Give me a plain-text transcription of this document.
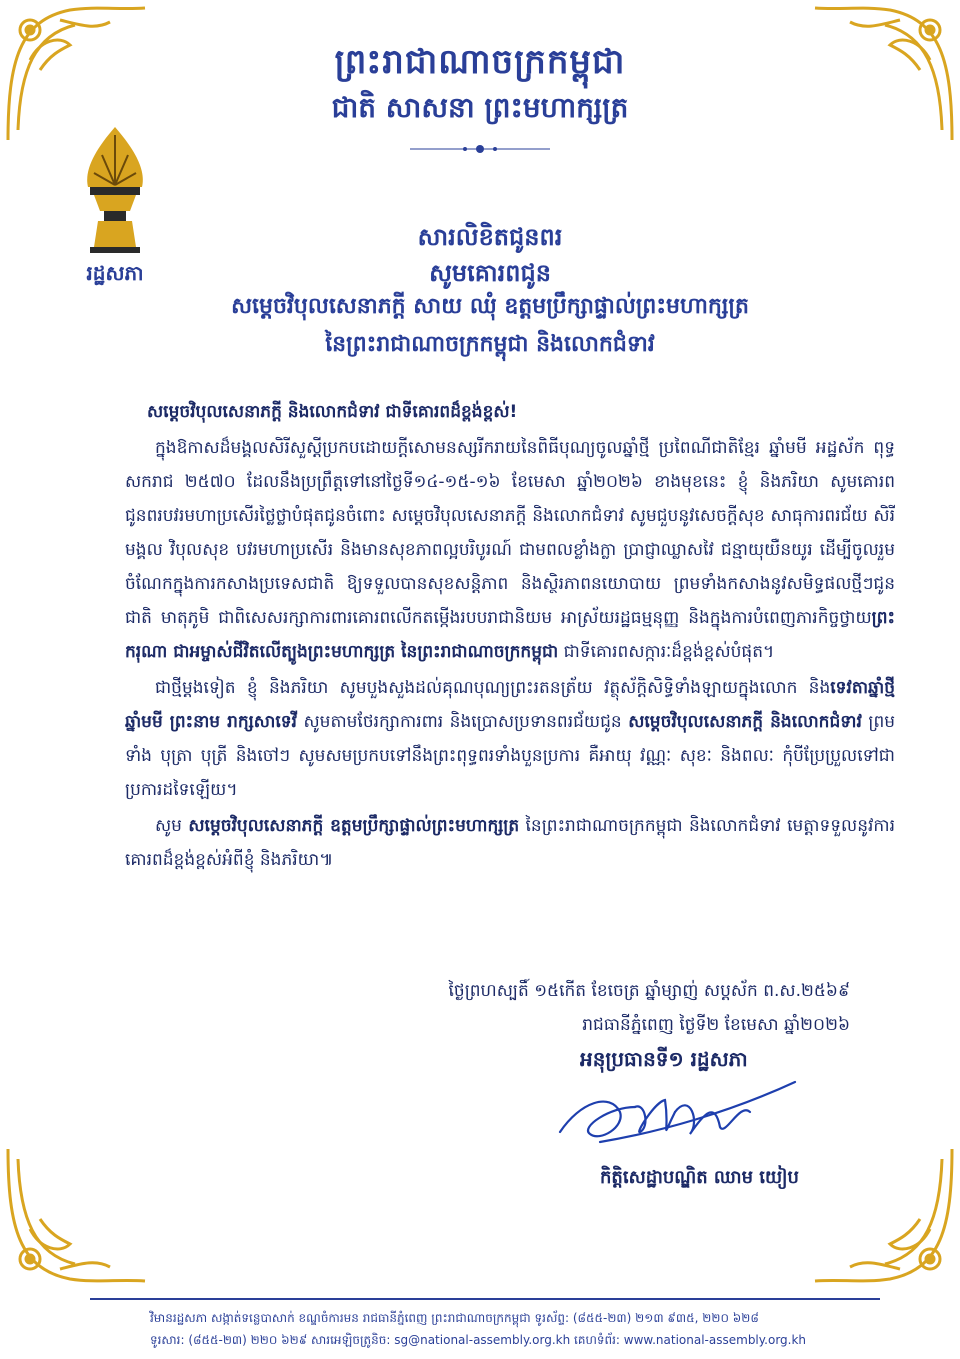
ព្រះរាជាណាចក្រកម្ពុជា
ជាតិ សាសនា ព្រះមហាក្សត្រ
រដ្ឋសភា
សារលិខិតជូនពរ
សូមគោរពជូន
សម្តេចវិបុលសេនាភក្តី សាយ ឈុំ ឧត្តមប្រឹក្សាផ្ទាល់ព្រះមហាក្សត្រ
នៃព្រះរាជាណាចក្រកម្ពុជា និងលោកជំទាវ

សម្តេចវិបុលសេនាភក្តី និងលោកជំទាវ ជាទីគោរពដ៏ខ្ពង់ខ្ពស់!

ក្នុងឱកាសដ៏មង្គលសិរីសួស្តីប្រកបដោយក្តីសោមនស្សរីករាយនៃពិធីបុណ្យចូលឆ្នាំថ្មី ប្រពៃណីជាតិខ្មែរ ឆ្នាំមមី អដ្ឋស័ក ពុទ្ធសករាជ ២៥៧០ ដែលនឹងប្រព្រឹត្តទៅនៅថ្ងៃទី១៤-១៥-១៦ ខែមេសា ឆ្នាំ២០២៦ ខាងមុខនេះ ខ្ញុំ និងភរិយា សូមគោរពជូនពរបវរមហាប្រសើរថ្លៃថ្លាបំផុតជូនចំពោះ សម្តេចវិបុលសេនាភក្តី និងលោកជំទាវ សូមជួបនូវសេចក្តីសុខ សាធុការពរជ័យ សិរីមង្គល វិបុលសុខ បវរមហាប្រសើរ និងមានសុខភាពល្អបរិបូរណ៍ ជាមពលខ្លាំងក្លា ប្រាជ្ញាឈ្លាសវៃ ជន្មាយុយឺនយូរ ដើម្បីចូលរួមចំណែកក្នុងការកសាងប្រទេសជាតិ ឱ្យទទួលបានសុខសន្តិភាព និងស្ថិរភាពនយោបាយ ព្រមទាំងកសាងនូវសមិទ្ធផលថ្មីៗជូនជាតិ មាតុភូមិ ជាពិសេសរក្សាការពារគោរពលើកតម្កើងរបបរាជានិយម អាស្រ័យរដ្ឋធម្មនុញ្ញ និងក្នុងការបំពេញភារកិច្ចថ្វាយព្រះករុណា ជាអម្ចាស់ជីវិតលើត្បូងព្រះមហាក្សត្រ នៃព្រះរាជាណាចក្រកម្ពុជា ជាទីគោរពសក្ការៈដ៏ខ្ពង់ខ្ពស់បំផុត។

ជាថ្មីម្តងទៀត ខ្ញុំ និងភរិយា សូមបួងសួងដល់គុណបុណ្យព្រះរតនត្រ័យ វត្ថុស័ក្តិសិទ្ធិទាំងឡាយក្នុងលោក និងទេវតាឆ្នាំថ្មី ឆ្នាំមមី ព្រះនាម រាក្សសាទេវី សូមតាមថែរក្សាការពារ និងប្រោសប្រទានពរជ័យជូន សម្តេចវិបុលសេនាភក្តី និងលោកជំទាវ ព្រមទាំង បុត្រា បុត្រី និងចៅៗ សូមសមប្រកបទៅនឹងព្រះពុទ្ធពរទាំងបួនប្រការ គឺអាយុ វណ្ណៈ សុខៈ និងពលៈ កុំបីប្រែប្រួលទៅជាប្រការដទៃឡើយ។

សូម សម្តេចវិបុលសេនាភក្តី ឧត្តមប្រឹក្សាផ្ទាល់ព្រះមហាក្សត្រ នៃព្រះរាជាណាចក្រកម្ពុជា និងលោកជំទាវ មេត្តាទទួលនូវការគោរពដ៏ខ្ពង់ខ្ពស់អំពីខ្ញុំ និងភរិយា៕

ថ្ងៃព្រហស្បតិ៍ ១៥កើត ខែចេត្រ ឆ្នាំម្សាញ់ សប្តស័ក ព.ស.២៥៦៩
រាជធានីភ្នំពេញ ថ្ងៃទី២ ខែមេសា ឆ្នាំ២០២៦
អនុប្រធានទី១ រដ្ឋសភា
កិត្តិសេដ្ឋាបណ្ឌិត ឈាម យៀប
វិមានរដ្ឋសភា សង្កាត់ទន្លេបាសាក់ ខណ្ឌចំការមន រាជធានីភ្នំពេញ ព្រះរាជាណាចក្រកម្ពុជា ទូរស័ព្ទ: (៨៥៥-២៣) ២១៣ ៩៣៥, ២២០ ៦២៨
ទូរសារ: (៨៥៥-២៣) ២២០ ៦២៩ សារអេឡិចត្រូនិច: sg@national-assembly.org.kh គេហទំព័រ: www.national-assembly.org.kh
